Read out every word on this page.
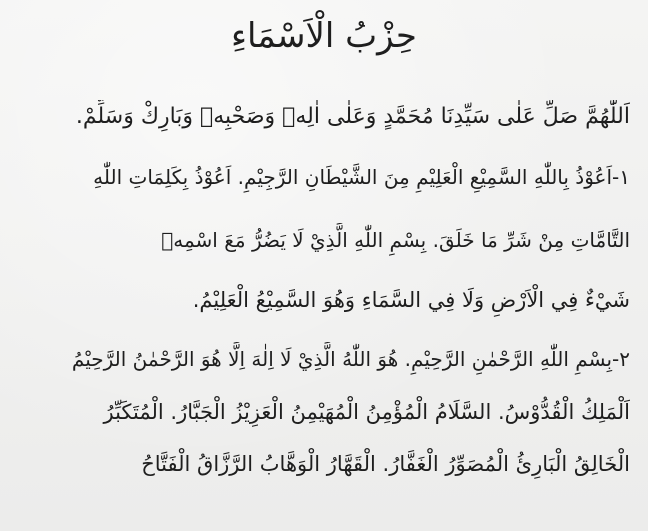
حِزْبُ الْاَسْمَاءِ
اَللّٰهُمَّ صَلِّ عَلٰى سَيِّدِنَا مُحَمَّدٍ وَعَلٰى اٰلِهٖ وَصَحْبِهٖ وَبَارِكْ وَسَلِّمْ.
١-اَعُوْذُ بِاللّٰهِ السَّمِيْعِ الْعَلِيْمِ مِنَ الشَّيْطَانِ الرَّجِيْمِ. اَعُوْذُ بِكَلِمَاتِ اللّٰهِ
التَّامَّاتِ مِنْ شَرِّ مَا خَلَقَ. بِسْمِ اللّٰهِ الَّذِيْ لَا يَضُرُّ مَعَ اسْمِهٖ
شَيْءٌ فِي الْاَرْضِ وَلَا فِي السَّمَاءِ وَهُوَ السَّمِيْعُ الْعَلِيْمُ.
٢-بِسْمِ اللّٰهِ الرَّحْمٰنِ الرَّحِيْمِ. هُوَ اللّٰهُ الَّذِيْ لَا اِلٰهَ اِلَّا هُوَ الرَّحْمٰنُ الرَّحِيْمُ
اَلْمَلِكُ الْقُدُّوْسُ. السَّلَامُ الْمُؤْمِنُ الْمُهَيْمِنُ الْعَزِيْزُ الْجَبَّارُ. الْمُتَكَبِّرُ
الْخَالِقُ الْبَارِئُ الْمُصَوِّرُ الْغَفَّارُ. الْقَهَّارُ الْوَهَّابُ الرَّزَّاقُ الْفَتَّاحُ
